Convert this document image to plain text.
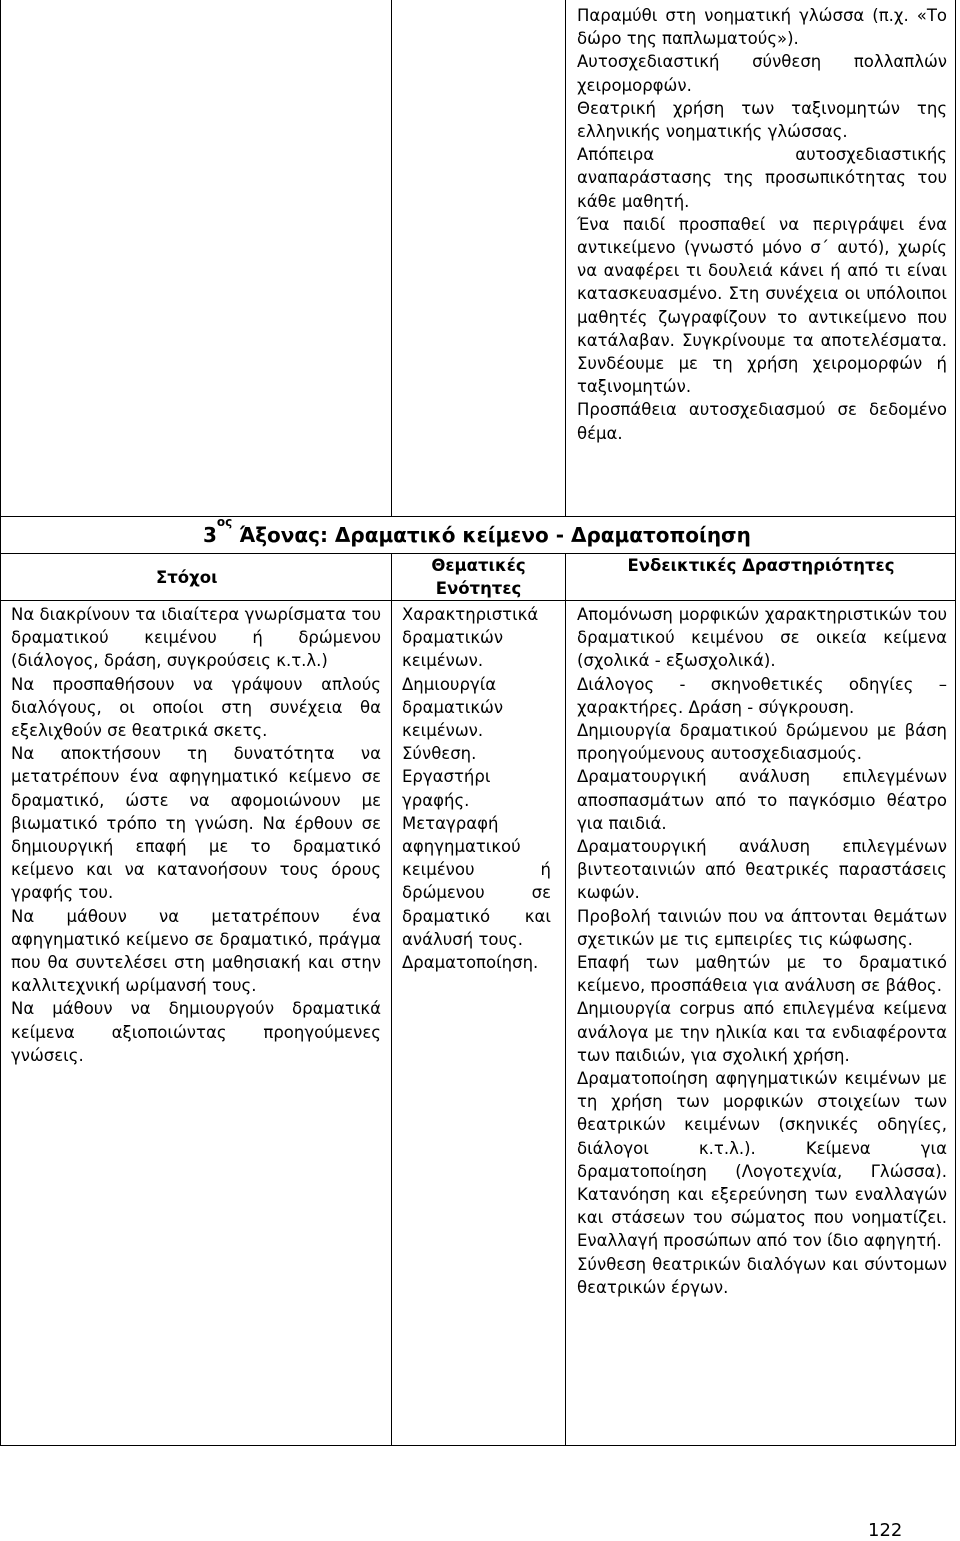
Παραμύθι στη νοηματική γλώσσα (π.χ. «Το δώρο της παπλωματούς»).

Αυτοσχεδιαστική σύνθεση πολλαπλών χειρομορφών.

Θεατρική χρήση των ταξινομητών της ελληνικής νοηματικής γλώσσας.

Απόπειρα αυτοσχεδιαστικής αναπαράστασης της προσωπικότητας του κάθε μαθητή.

Ένα παιδί προσπαθεί να περιγράψει ένα αντικείμενο (γνωστό μόνο σ΄ αυτό), χωρίς να αναφέρει τι δουλειά κάνει ή από τι είναι κατασκευασμένο. Στη συνέχεια οι υπόλοιποι μαθητές ζωγραφίζουν το αντικείμενο που κατάλαβαν. Συγκρίνουμε τα αποτελέσματα. Συνδέουμε με τη χρήση χειρομορφών ή ταξινομητών.

Προσπάθεια αυτοσχεδιασμού σε δεδομένο θέμα.

$3^{o\varsigma}$ Άξονας: Δραματικό κείμενο - Δραματοποίηση
Στόχοι
Θεματικές Ενότητες
Ενδεικτικές Δραστηριότητες

Να διακρίνουν τα ιδιαίτερα γνωρίσματα του δραματικού κειμένου ή δρώμενου (διάλογος, δράση, συγκρούσεις κ.τ.λ.)

Να προσπαθήσουν να γράψουν απλούς διαλόγους, οι οποίοι στη συνέχεια θα εξελιχθούν σε θεατρικά σκετς.

Να αποκτήσουν τη δυνατότητα να μετατρέπουν ένα αφηγηματικό κείμενο σε δραματικό, ώστε να αφομοιώνουν με βιωματικό τρόπο τη γνώση. Να έρθουν σε δημιουργική επαφή με το δραματικό κείμενο και να κατανοήσουν τους όρους γραφής του.

Να μάθουν να μετατρέπουν ένα αφηγηματικό κείμενο σε δραματικό, πράγμα που θα συντελέσει στη μαθησιακή και στην καλλιτεχνική ωρίμανσή τους.

Να μάθουν να δημιουργούν δραματικά κείμενα αξιοποιώντας προηγούμενες γνώσεις.

Χαρακτηριστικά δραματικών κειμένων.

Δημιουργία δραματικών κειμένων.

Σύνθεση. Εργαστήρι γραφής.

Μεταγραφή αφηγηματικού κειμένου ή δρώμενου σε δραματικό και ανάλυσή τους.

Δραματοποίηση.

Απομόνωση μορφικών χαρακτηριστικών του δραματικού κειμένου σε οικεία κείμενα (σχολικά - εξωσχολικά).

Διάλογος - σκηνοθετικές οδηγίες – χαρακτήρες. Δράση - σύγκρουση.

Δημιουργία δραματικού δρώμενου με βάση προηγούμενους αυτοσχεδιασμούς.

Δραματουργική ανάλυση επιλεγμένων αποσπασμάτων από το παγκόσμιο θέατρο για παιδιά.

Δραματουργική ανάλυση επιλεγμένων βιντεοταινιών από θεατρικές παραστάσεις κωφών.

Προβολή ταινιών που να άπτονται θεμάτων σχετικών με τις εμπειρίες τις κώφωσης.

Επαφή των μαθητών με το δραματικό κείμενο, προσπάθεια για ανάλυση σε βάθος.

Δημιουργία corpus από επιλεγμένα κείμενα ανάλογα με την ηλικία και τα ενδιαφέροντα των παιδιών, για σχολική χρήση.

Δραματοποίηση αφηγηματικών κειμένων με τη χρήση των μορφικών στοιχείων των θεατρικών κειμένων (σκηνικές οδηγίες, διάλογοι κ.τ.λ.). Κείμενα για δραματοποίηση (Λογοτεχνία, Γλώσσα). Κατανόηση και εξερεύνηση των εναλλαγών και στάσεων του σώματος που νοηματίζει. Εναλλαγή προσώπων από τον ίδιο αφηγητή.

Σύνθεση θεατρικών διαλόγων και σύντομων θεατρικών έργων.

122
